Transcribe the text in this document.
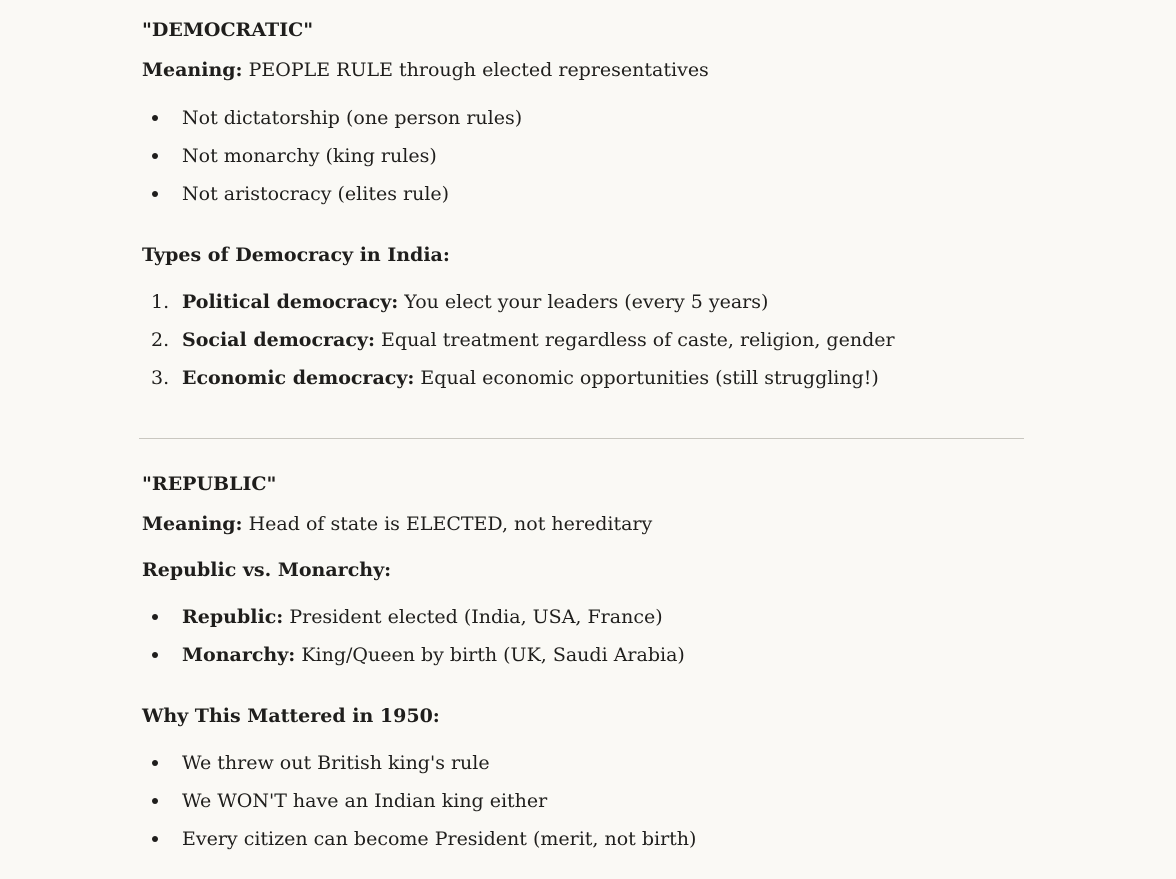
"DEMOCRATIC"

Meaning: PEOPLE RULE through elected representatives

Not dictatorship (one person rules)
Not monarchy (king rules)
Not aristocracy (elites rule)

Types of Democracy in India:

1. Political democracy: You elect your leaders (every 5 years)
2. Social democracy: Equal treatment regardless of caste, religion, gender
3. Economic democracy: Equal economic opportunities (still struggling!)

"REPUBLIC"

Meaning: Head of state is ELECTED, not hereditary

Republic vs. Monarchy:

Republic: President elected (India, USA, France)
Monarchy: King/Queen by birth (UK, Saudi Arabia)

Why This Mattered in 1950:

We threw out British king's rule
We WON'T have an Indian king either
Every citizen can become President (merit, not birth)
